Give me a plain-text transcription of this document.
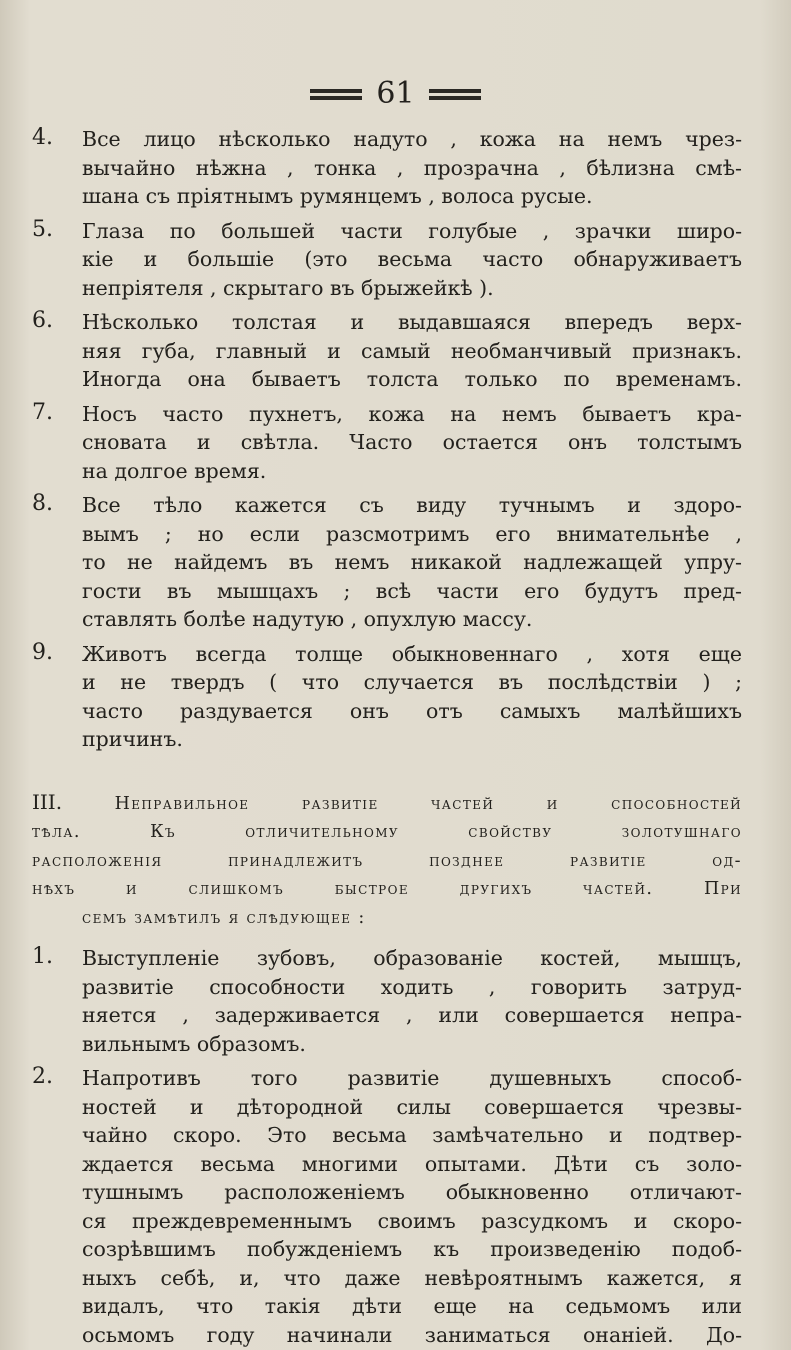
61
4. Все лицо нѣсколько надуто , кожа на немъ чрез-
вычайно нѣжна , тонка , прозрачна , бѣлизна смѣ-
шана съ пріятнымъ румянцемъ , волоса русые.
5. Глаза по большей части голубые , зрачки широ-
кіе и большіе (это весьма часто обнаруживаетъ
непріятеля , скрытаго въ брыжейкѣ ).
6. Нѣсколько толстая и выдавшаяся впередъ верх-
няя губа, главный и самый необманчивый признакъ.
Иногда она бываетъ толста только по временамъ.
7. Носъ часто пухнетъ, кожа на немъ бываетъ кра-
сновата и свѣтла. Часто остается онъ толстымъ
на долгое время.
8. Все тѣло кажется съ виду тучнымъ и здоро-
вымъ ; но если разсмотримъ его внимательнѣе ,
то не найдемъ въ немъ никакой надлежащей упру-
гости въ мышцахъ ; всѣ части его будутъ пред-
ставлять болѣе надутую , опухлую массу.
9. Животъ всегда толще обыкновеннаго , хотя еще
и не твердъ ( что случается въ послѣдствіи ) ;
часто раздувается онъ отъ самыхъ малѣйшихъ
причинъ.
III.	Неправильное развитіе частей и способностей
тѣла. Къ отличительному свойству золотушнаго
расположенія принадлежитъ позднее развитіе од-
нѣхъ и слишкомъ быстрое другихъ частей. При
семъ замѣтилъ я слѣдующее :
1. Выступленіе зубовъ, образованіе костей, мышцъ,
развитіе способности ходить , говорить затруд-
няется , задерживается , или совершается непра-
вильнымъ образомъ.
2. Напротивъ того развитіе душевныхъ способ-
ностей и дѣтородной силы совершается чрезвы-
чайно скоро. Это весьма замѣчательно и подтвер-
ждается весьма многими опытами. Дѣти съ золо-
тушнымъ расположеніемъ обыкновенно отличают-
ся преждевременнымъ своимъ разсудкомъ и скоро-
созрѣвшимъ побужденіемъ къ произведенію подоб-
ныхъ себѣ, и, что даже невѣроятнымъ кажется, я
видалъ, что такія дѣти еще на седьмомъ или
осьмомъ году начинали заниматься онаніей. До-
